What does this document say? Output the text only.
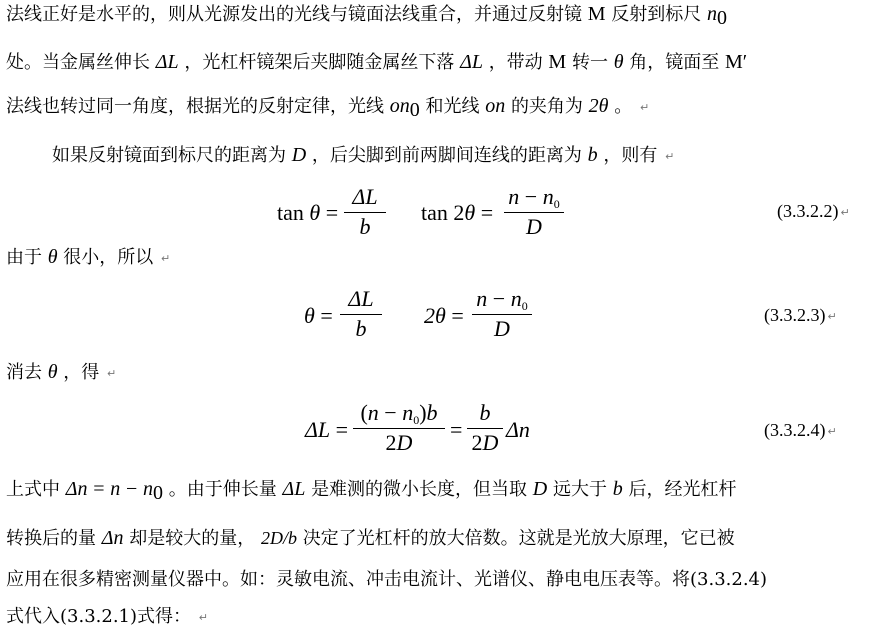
法线正好是水平的，则从光源发出的光线与镜面法线重合，并通过反射镜 M 反射到标尺 $n_0$
处。当金属丝伸长 ΔL ，光杠杆镜架后夹脚随金属丝下落 ΔL ，带动 M 转一 θ 角，镜面至 M′
法线也转过同一角度，根据光的反射定律，光线 $on_0$ 和光线 on 的夹角为 2θ 。 ↵
如果反射镜面到标尺的距离为 D ，后尖脚到前两脚间连线的距离为 b ，则有 ↵
tan θ =
ΔL
b
tan 2θ =
$n - n_0$
D
(3.3.2.2) ↵
由于 θ 很小，所以 ↵
θ =
ΔL
b
2θ =
$n - n_0$
D
(3.3.2.3) ↵
消去 θ ，得 ↵
ΔL =
$(n - n_0)b$
2D
=
b
2D
Δn	(3.3.2.4) ↵
上式中 $\Delta n = n - n_0$ 。由于伸长量 ΔL 是难测的微小长度，但当取 D 远大于 b 后，经光杠杆
转换后的量 Δn 却是较大的量， 2D/b 决定了光杠杆的放大倍数。这就是光放大原理，它已被
应用在很多精密测量仪器中。如：灵敏电流、冲击电流计、光谱仪、静电电压表等。将(3.3.2.4)
式代入(3.3.2.1)式得： ↵
